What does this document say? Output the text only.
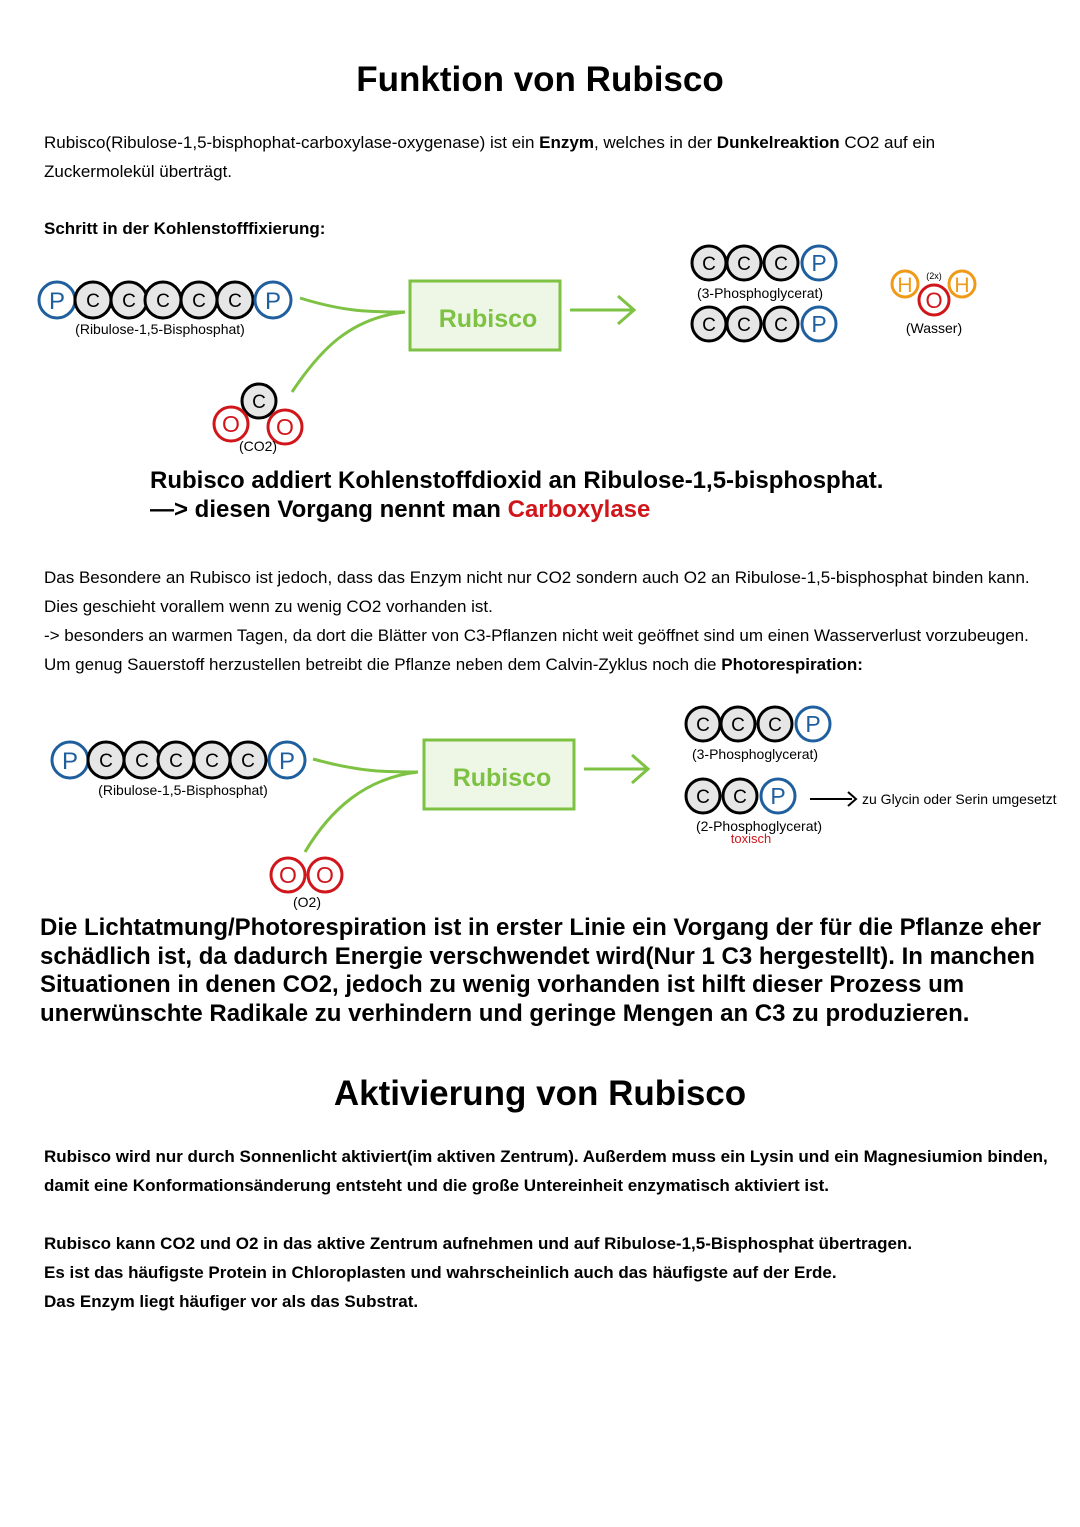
Funktion von Rubisco
Rubisco(Ribulose-1,5-bisphophat-carboxylase-oxygenase) ist ein Enzym, welches in der Dunkelreaktion CO2 auf ein Zuckermolekül überträgt.
Schritt in der Kohlenstofffixierung:
P C C C C C P
(Ribulose-1,5-Bisphosphat)
C
O O
(CO2)
Rubisco
C C C P
(3-Phosphoglycerat)
C C C P
H H
O
(2x)
(Wasser)
Rubisco addiert Kohlenstoffdioxid an Ribulose-1,5-bisphosphat.
—> diesen Vorgang nennt man Carboxylase
Das Besondere an Rubisco ist jedoch, dass das Enzym nicht nur CO2 sondern auch O2 an Ribulose-1,5-bisphosphat binden kann. Dies geschieht vorallem wenn zu wenig CO2 vorhanden ist.
-> besonders an warmen Tagen, da dort die Blätter von C3-Pflanzen nicht weit geöffnet sind um einen Wasserverlust vorzubeugen. Um genug Sauerstoff herzustellen betreibt die Pflanze neben dem Calvin-Zyklus noch die Photorespiration:
P C C C C C P
(Ribulose-1,5-Bisphosphat)
O O
(O2)
Rubisco
C C C P
(3-Phosphoglycerat)
C C P
(2-Phosphoglycerat)
toxisch
zu Glycin oder Serin umgesetzt
Die Lichtatmung/Photorespiration ist in erster Linie ein Vorgang der für die Pflanze eher schädlich ist, da dadurch Energie verschwendet wird(Nur 1 C3 hergestellt). In manchen Situationen in denen CO2, jedoch zu wenig vorhanden ist hilft dieser Prozess um unerwünschte Radikale zu verhindern und geringe Mengen an C3 zu produzieren.
Aktivierung von Rubisco
Rubisco wird nur durch Sonnenlicht aktiviert(im aktiven Zentrum). Außerdem muss ein Lysin und ein Magnesiumion binden, damit eine Konformationsänderung entsteht und die große Untereinheit enzymatisch aktiviert ist.
Rubisco kann CO2 und O2 in das aktive Zentrum aufnehmen und auf Ribulose-1,5-Bisphosphat übertragen.
Es ist das häufigste Protein in Chloroplasten und wahrscheinlich auch das häufigste auf der Erde.
Das Enzym liegt häufiger vor als das Substrat.
